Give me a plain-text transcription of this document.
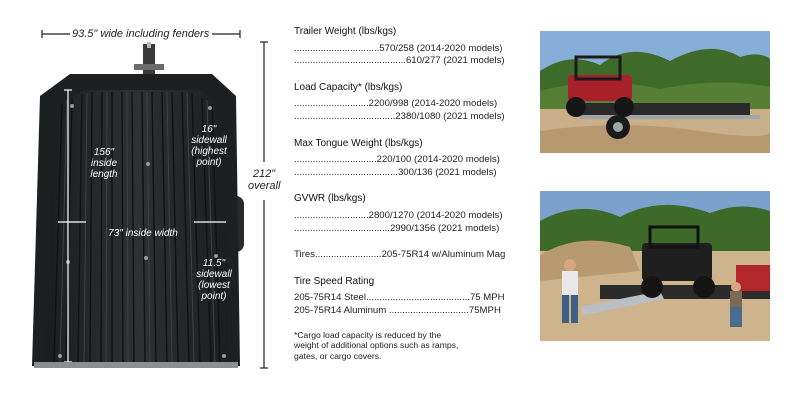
93.5" wide including fenders
212" overall
156" inside length
73" inside width
16" sidewall (highest point)
11.5" sidewall (lowest point)
Trailer Weight (lbs/kgs)
................................570/258 (2014-2020 models)
..........................................610/277 (2021 models)
Load Capacity* (lbs/kgs)
............................2200/998 (2014-2020 models)
......................................2380/1080 (2021 models)
Max Tongue Weight (lbs/kgs)
...............................220/100 (2014-2020 models)
.......................................300/136 (2021 models)
GVWR (lbs/kgs)
............................2800/1270 (2014-2020 models)
....................................2990/1356 (2021 models)
Tires.........................205-75R14 w/Aluminum Mag
Tire Speed Rating
205-75R14 Steel.......................................75 MPH
205-75R14 Aluminum ..............................75MPH
*Cargo load capacity is reduced by the weight of additional options such as ramps, gates, or cargo covers.
